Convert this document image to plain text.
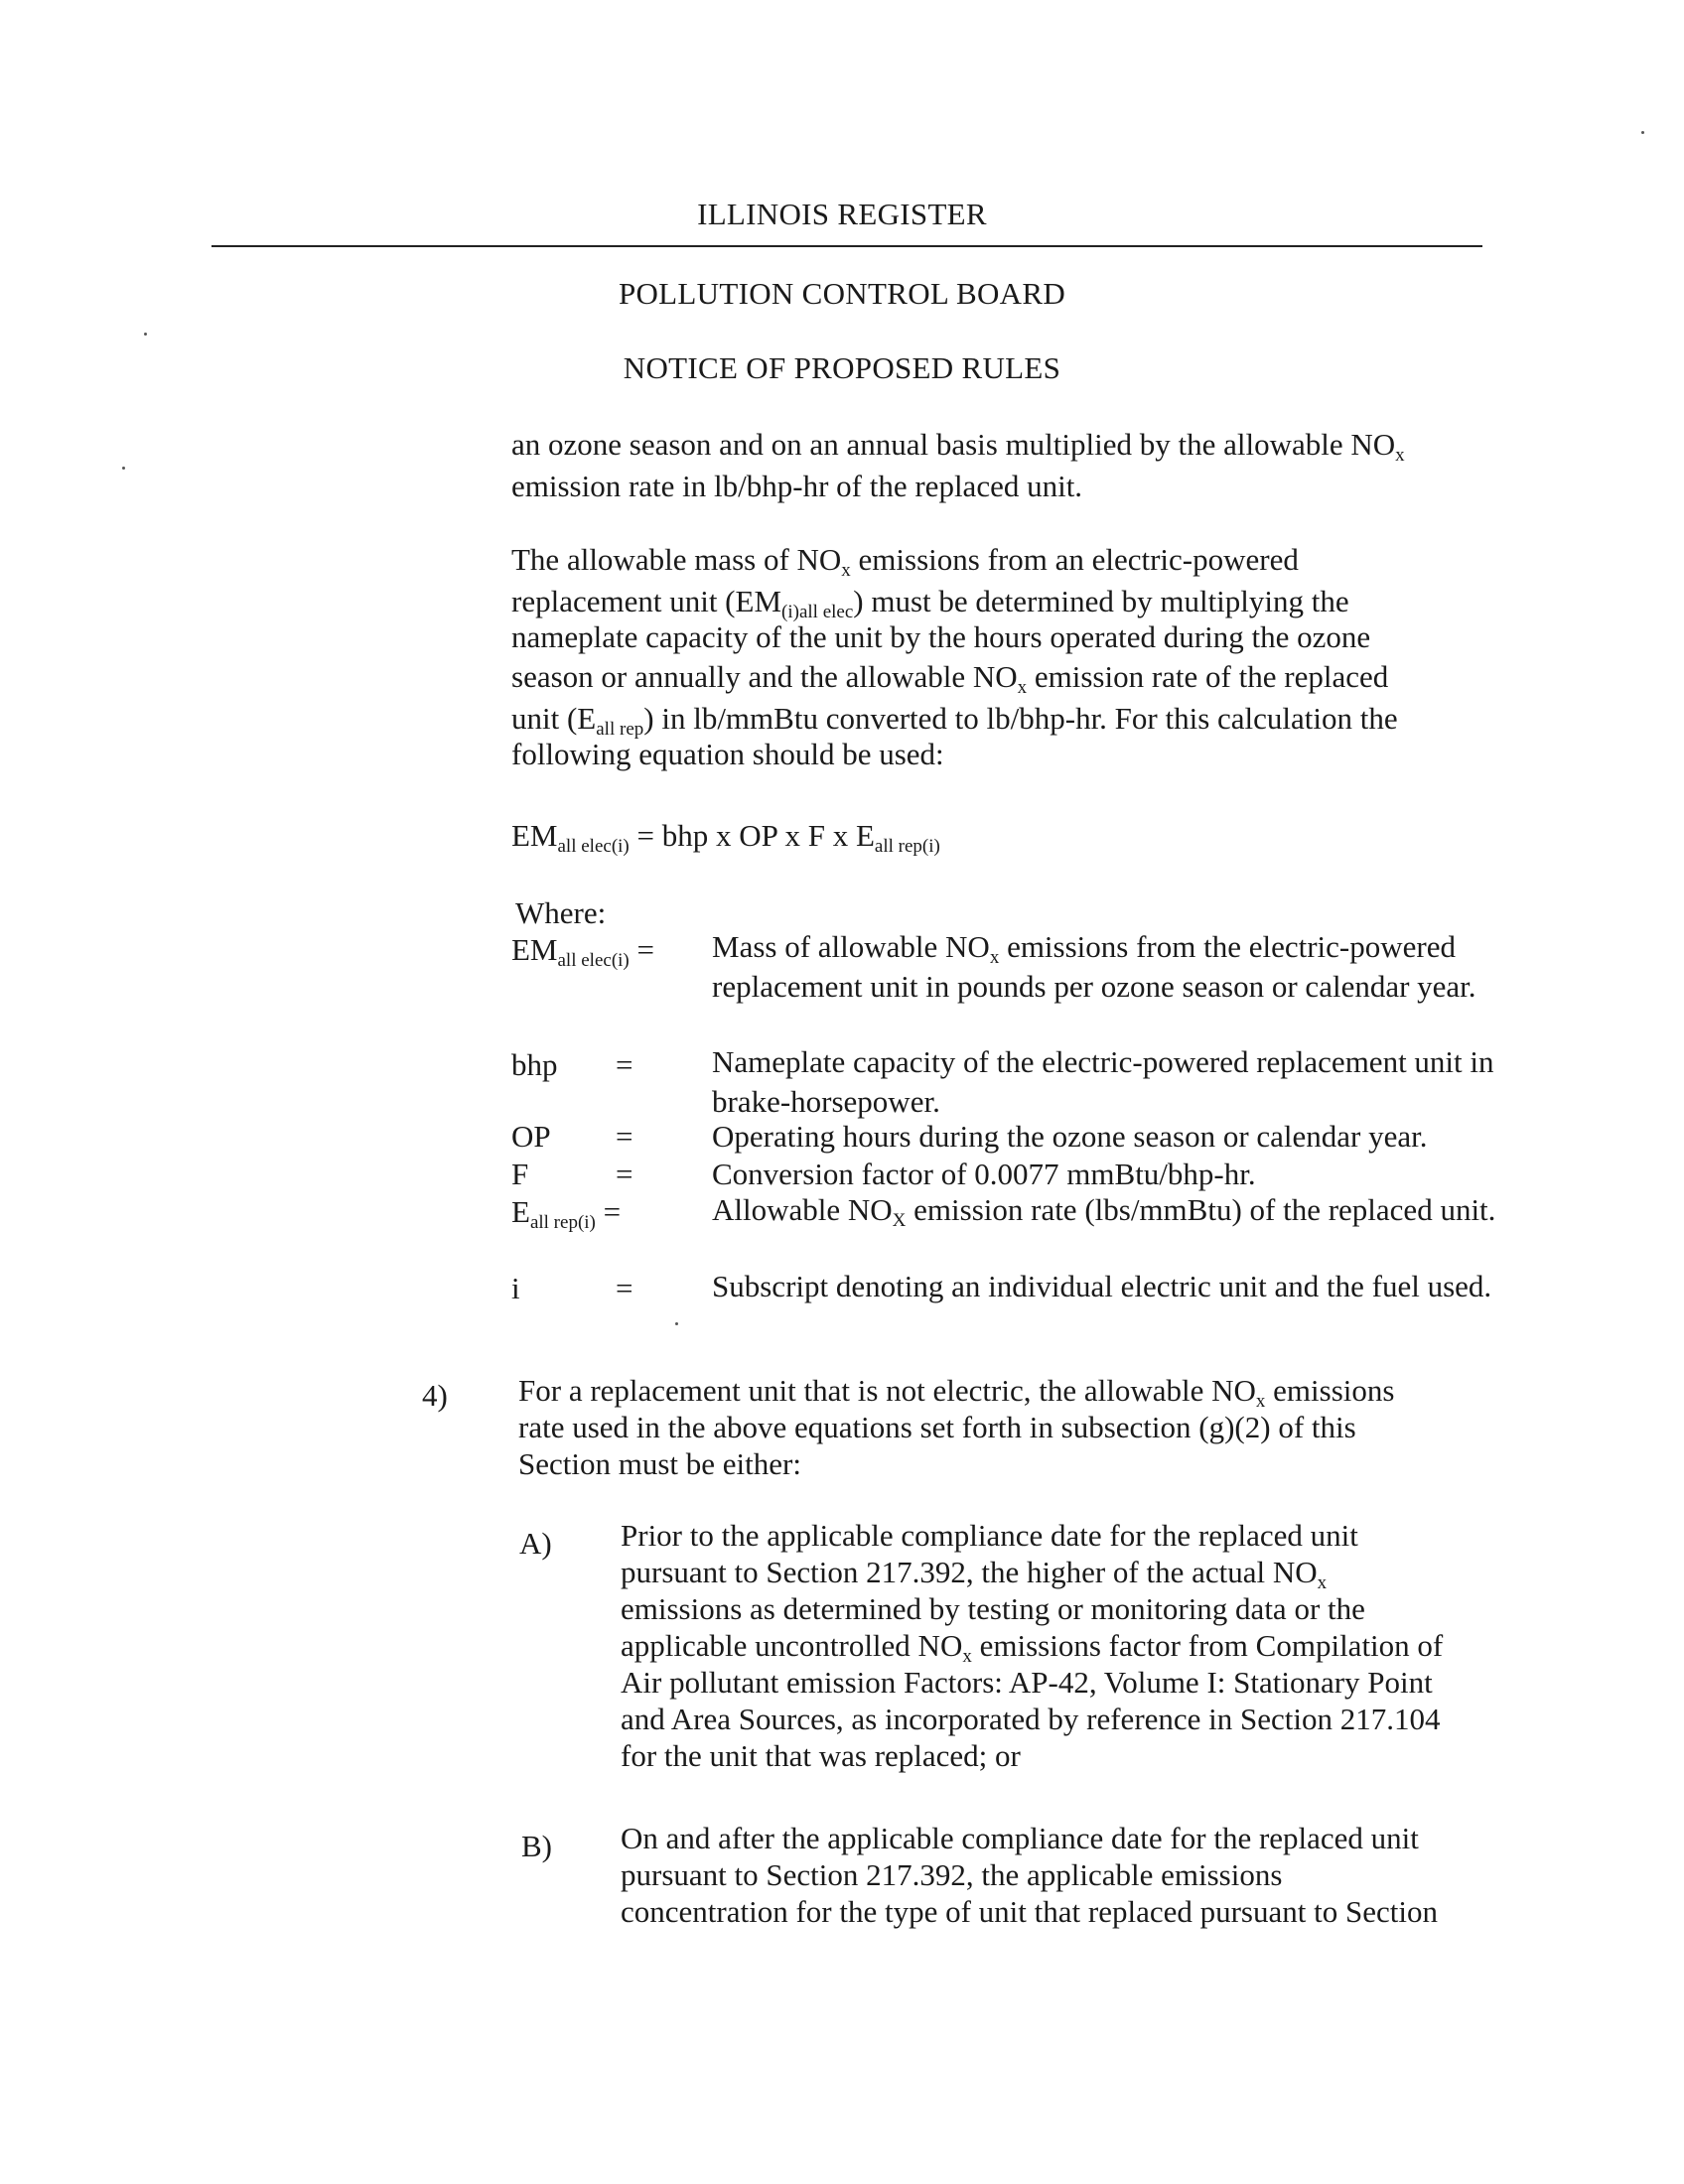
ILLINOIS REGISTER
POLLUTION CONTROL BOARD
NOTICE OF PROPOSED RULES

an ozone season and on an annual basis multiplied by the allowable $NO_x$

emission rate in lb/bhp-hr of the replaced unit.

The allowable mass of $NO_x$ emissions from an electric-powered

replacement unit $(EM_{(i)all elec})$ must be determined by multiplying the

nameplate capacity of the unit by the hours operated during the ozone

season or annually and the allowable $NO_x$ emission rate of the replaced

unit $(E_{all rep})$ in lb/mmBtu converted to lb/bhp-hr. For this calculation the

following equation should be used:

$EM_{all elec(i)}$ = bhp x OP x F x $E_{all rep(i)}$
Where:
$EM_{all elec(i)}$ = Mass of allowable $NO_x$ emissions from the electric-powered replacement unit in pounds per ozone season or calendar year.
bhp =	Nameplate capacity of the electric-powered replacement unit in brake-horsepower.
OP =	Operating hours during the ozone season or calendar year.
F	=	Conversion factor of 0.0077 mmBtu/bhp-hr.
$E_{all rep(i)}$ =	Allowable $NO_X$ emission rate (lbs/mmBtu) of the replaced unit.
i	=	Subscript denoting an individual electric unit and the fuel used.
4) For a replacement unit that is not electric, the allowable $NO_x$ emissions

rate used in the above equations set forth in subsection (g)(2) of this

Section must be either:

A) Prior to the applicable compliance date for the replaced unit

pursuant to Section 217.392, the higher of the actual $NO_x$

emissions as determined by testing or monitoring data or the

applicable uncontrolled $NO_x$ emissions factor from Compilation of

Air pollutant emission Factors: AP-42, Volume I: Stationary Point

and Area Sources, as incorporated by reference in Section 217.104

for the unit that was replaced; or

B) On and after the applicable compliance date for the replaced unit

pursuant to Section 217.392, the applicable emissions

concentration for the type of unit that replaced pursuant to Section
